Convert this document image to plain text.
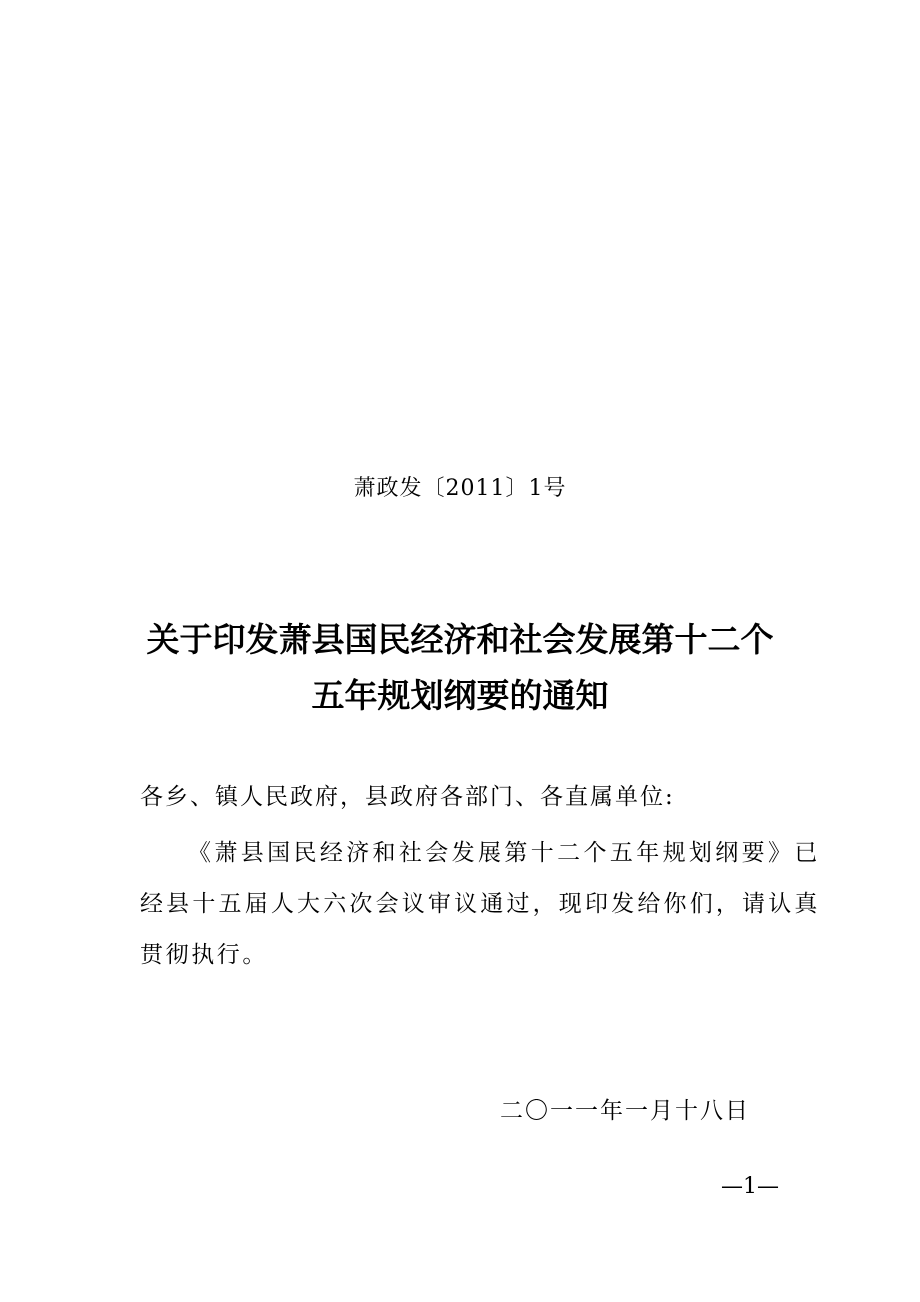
萧政发〔2011〕1号
关于印发萧县国民经济和社会发展第十二个
五年规划纲要的通知
各乡、镇人民政府，县政府各部门、各直属单位:
《萧县国民经济和社会发展第十二个五年规划纲要》已经县十五届人大六次会议审议通过，现印发给你们，请认真贯彻执行。
二〇一一年一月十八日
—1—
